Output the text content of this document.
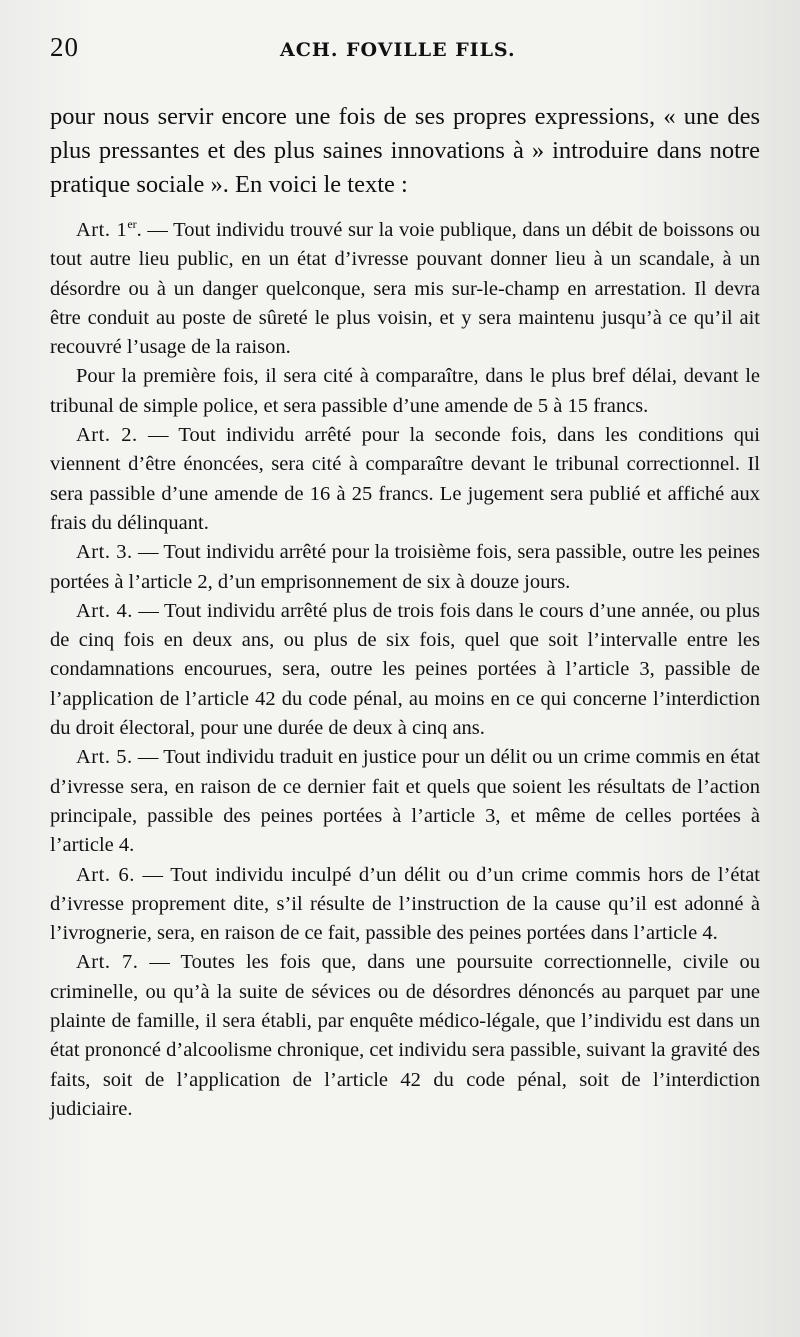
20	ACH. FOVILLE FILS.

pour nous servir encore une fois de ses propres expressions, « une des plus pressantes et des plus saines innovations à » introduire dans notre pratique sociale ». En voici le texte :

Art. 1er. — Tout individu trouvé sur la voie publique, dans un débit de boissons ou tout autre lieu public, en un état d’ivresse pouvant donner lieu à un scandale, à un désordre ou à un danger quelconque, sera mis sur-le-champ en arrestation. Il devra être conduit au poste de sûreté le plus voisin, et y sera maintenu jusqu’à ce qu’il ait recouvré l’usage de la raison.

Pour la première fois, il sera cité à comparaître, dans le plus bref délai, devant le tribunal de simple police, et sera passible d’une amende de 5 à 15 francs.

Art. 2. — Tout individu arrêté pour la seconde fois, dans les conditions qui viennent d’être énoncées, sera cité à comparaître devant le tribunal correctionnel. Il sera passible d’une amende de 16 à 25 francs. Le jugement sera publié et affiché aux frais du délinquant.

Art. 3. — Tout individu arrêté pour la troisième fois, sera passible, outre les peines portées à l’article 2, d’un emprisonnement de six à douze jours.

Art. 4. — Tout individu arrêté plus de trois fois dans le cours d’une année, ou plus de cinq fois en deux ans, ou plus de six fois, quel que soit l’intervalle entre les condamnations encourues, sera, outre les peines portées à l’article 3, passible de l’application de l’article 42 du code pénal, au moins en ce qui concerne l’interdiction du droit électoral, pour une durée de deux à cinq ans.

Art. 5. — Tout individu traduit en justice pour un délit ou un crime commis en état d’ivresse sera, en raison de ce dernier fait et quels que soient les résultats de l’action principale, passible des peines portées à l’article 3, et même de celles portées à l’article 4.

Art. 6. — Tout individu inculpé d’un délit ou d’un crime commis hors de l’état d’ivresse proprement dite, s’il résulte de l’instruction de la cause qu’il est adonné à l’ivrognerie, sera, en raison de ce fait, passible des peines portées dans l’article 4.

Art. 7. — Toutes les fois que, dans une poursuite correctionnelle, civile ou criminelle, ou qu’à la suite de sévices ou de désordres dénoncés au parquet par une plainte de famille, il sera établi, par enquête médico-légale, que l’individu est dans un état prononcé d’alcoolisme chronique, cet individu sera passible, suivant la gravité des faits, soit de l’application de l’article 42 du code pénal, soit de l’interdiction judiciaire.
